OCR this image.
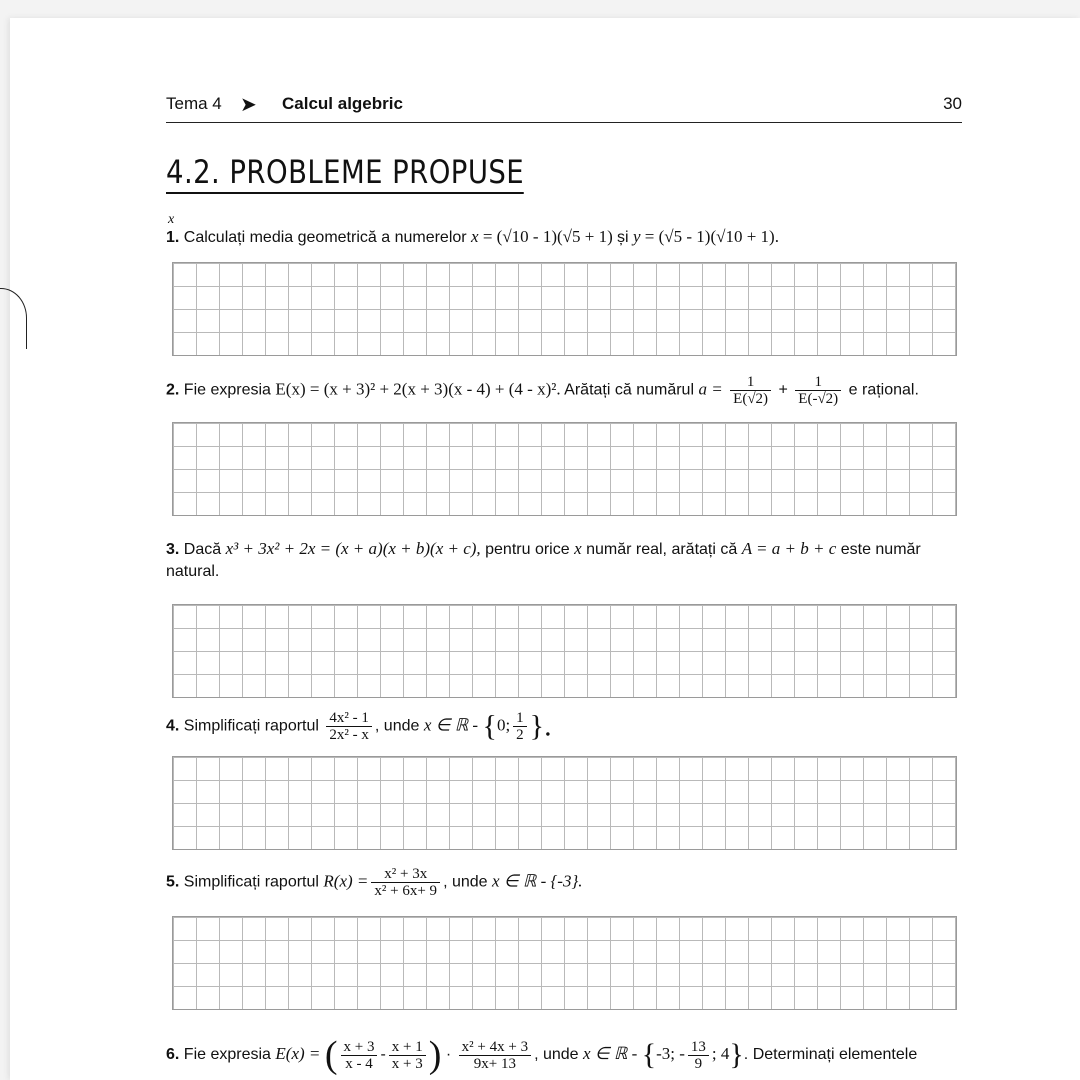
Tema 4 ➤ Calcul algebric	30
4.2. PROBLEME PROPUSE
x
1. Calculați media geometrică a numerelor x = (√10 - 1)(√5 + 1) și y = (√5 - 1)(√10 + 1).
2. Fie expresia E(x) = (x + 3)² + 2(x + 3)(x - 4) + (4 - x)². Arătați că numărul $a = \frac{1}{E(√2)} + \frac{1}{E(-√2)}$ e rațional.
3. Dacă x³ + 3x² + 2x = (x + a)(x + b)(x + c), pentru orice x număr real, arătați că A = a + b + c este număr natural.
4. Simplificați raportul $\frac{\text{4x² - 1}}{\text{2x² - x}}$ , unde x ∈ ℝ - {0; $\frac{1}{2}$ }.
5. Simplificați raportul $R(x) = \frac{\text{x² + 3x}}{\text{x² + 6x+ 9}}$ , unde x ∈ ℝ - {-3}.
6. Fie expresia E(x) = ( $\frac{x + 3}{x - 4} - \frac{x + 1}{x + 3}$ ) · $\frac{\text{x² + 4x + 3}}{9x+ 13}$ , unde x ∈ ℝ - {-3; - $\frac{13}{9}$ ; 4}. Determinați elementele
